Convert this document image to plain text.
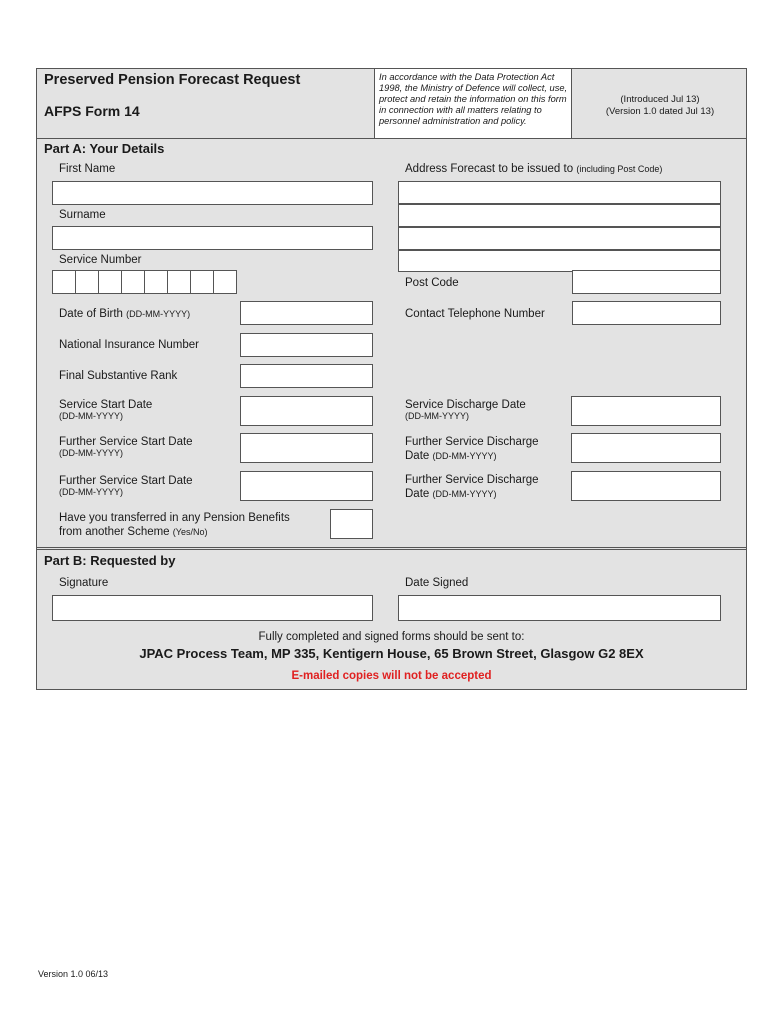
Preserved Pension Forecast Request
AFPS Form 14
In accordance with the Data Protection Act 1998, the Ministry of Defence will collect, use, protect and retain the information on this form in connection with all matters relating to personnel administration and policy.
(Introduced Jul 13)
(Version 1.0 dated Jul 13)
Part A: Your Details
First Name
Surname
Service Number
Date of Birth (DD-MM-YYYY)
National Insurance Number
Final Substantive Rank
Service Start Date
(DD-MM-YYYY)
Further Service Start Date
(DD-MM-YYYY)
Further Service Start Date
(DD-MM-YYYY)
Have you transferred in any Pension Benefits
from another Scheme (Yes/No)
Address Forecast to be issued to (including Post Code)
Post Code
Contact Telephone Number
Service Discharge Date
(DD-MM-YYYY)
Further Service Discharge
Date (DD-MM-YYYY)
Further Service Discharge
Date (DD-MM-YYYY)
Part B: Requested by
Signature	Date Signed
Fully completed and signed forms should be sent to:
JPAC Process Team, MP 335, Kentigern House, 65 Brown Street, Glasgow G2 8EX
E-mailed copies will not be accepted
Version 1.0 06/13
